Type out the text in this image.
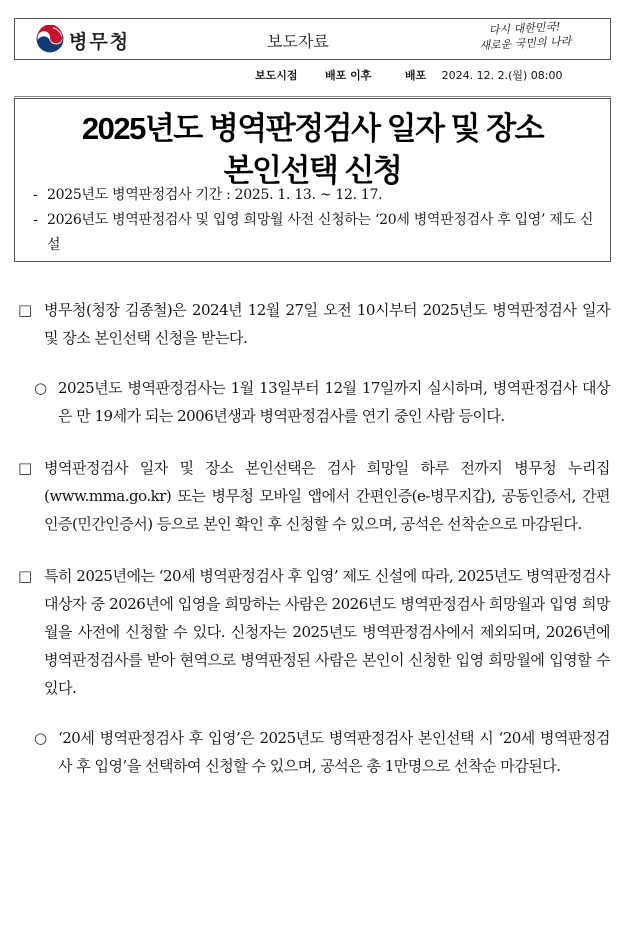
병무청	보도자료
다시 대한민국!
새로운 국민의 나라
보도시점	배포 이후	배포 2024. 12. 2.(월) 08:00
2025년도 병역판정검사 일자 및 장소
본인선택 신청
- 2025년도 병역판정검사 기간 : 2025. 1. 13. ~ 12. 17.
- 2026년도 병역판정검사 및 입영 희망월 사전 신청하는 ‘20세 병역판정검사 후 입영’ 제도 신설
□ 병무청(청장 김종철)은 2024년 12월 27일 오전 10시부터 2025년도 병역판정검사 일자 및 장소 본인선택 신청을 받는다.
○ 2025년도 병역판정검사는 1월 13일부터 12월 17일까지 실시하며, 병역판정검사 대상은 만 19세가 되는 2006년생과 병역판정검사를 연기 중인 사람 등이다.
□ 병역판정검사 일자 및 장소 본인선택은 검사 희망일 하루 전까지 병무청 누리집(www.mma.go.kr) 또는 병무청 모바일 앱에서 간편인증(e-병무지갑), 공동인증서, 간편인증(민간인증서) 등으로 본인 확인 후 신청할 수 있으며, 공석은 선착순으로 마감된다.
□ 특히 2025년에는 ‘20세 병역판정검사 후 입영’ 제도 신설에 따라, 2025년도 병역판정검사 대상자 중 2026년에 입영을 희망하는 사람은 2026년도 병역판정검사 희망월과 입영 희망월을 사전에 신청할 수 있다. 신청자는 2025년도 병역판정검사에서 제외되며, 2026년에 병역판정검사를 받아 현역으로 병역판정된 사람은 본인이 신청한 입영 희망월에 입영할 수 있다.
○ ‘20세 병역판정검사 후 입영’은 2025년도 병역판정검사 본인선택 시 ‘20세 병역판정검사 후 입영’을 선택하여 신청할 수 있으며, 공석은 총 1만명으로 선착순 마감된다.
